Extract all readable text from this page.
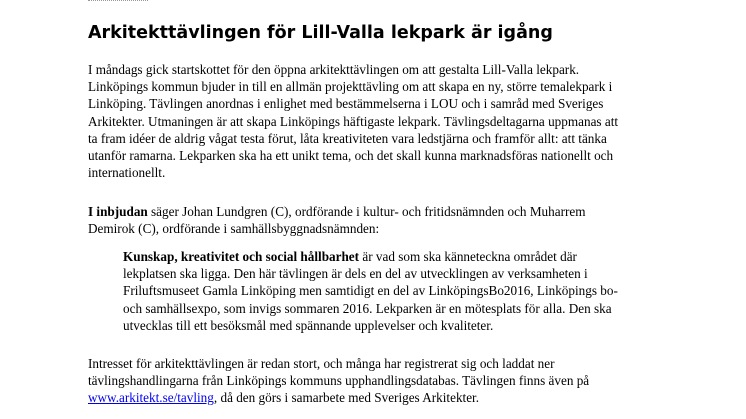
Arkitekttävlingen för Lill-Valla lekpark är igång

I måndags gick startskottet för den öppna arkitekttävlingen om att gestalta Lill-Valla lekpark.
Linköpings kommun bjuder in till en allmän projekttävling om att skapa en ny, större temalekpark i
Linköping. Tävlingen anordnas i enlighet med bestämmelserna i LOU och i samråd med Sveriges
Arkitekter. Utmaningen är att skapa Linköpings häftigaste lekpark. Tävlingsdeltagarna uppmanas att
ta fram idéer de aldrig vågat testa förut, låta kreativiteten vara ledstjärna och framför allt: att tänka
utanför ramarna. Lekparken ska ha ett unikt tema, och det skall kunna marknadsföras nationellt och
internationellt.

I inbjudan säger Johan Lundgren (C), ordförande i kultur- och fritidsnämnden och Muharrem
Demirok (C), ordförande i samhällsbyggnadsnämnden:

Kunskap, kreativitet och social hållbarhet är vad som ska känneteckna området där
lekplatsen ska ligga. Den här tävlingen är dels en del av utvecklingen av verksamheten i
Friluftsmuseet Gamla Linköping men samtidigt en del av LinköpingsBo2016, Linköpings bo-
och samhällsexpo, som invigs sommaren 2016. Lekparken är en mötesplats för alla. Den ska
utvecklas till ett besöksmål med spännande upplevelser och kvaliteter.

Intresset för arkitekttävlingen är redan stort, och många har registrerat sig och laddat ner
tävlingshandlingarna från Linköpings kommuns upphandlingsdatabas. Tävlingen finns även på
www.arkitekt.se/tavling, då den görs i samarbete med Sveriges Arkitekter.
